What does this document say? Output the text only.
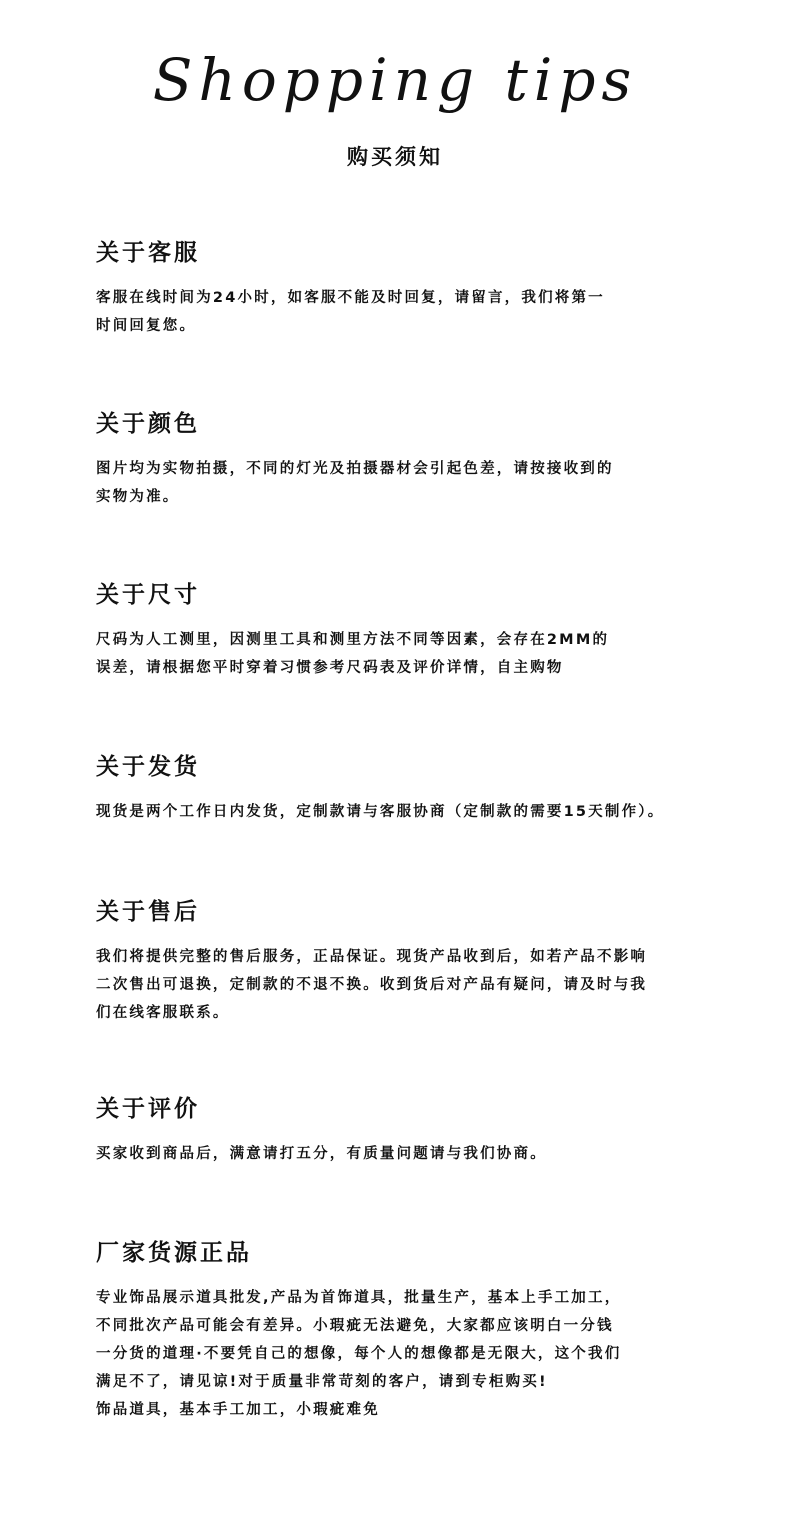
Shopping tips
购买须知
关于客服
客服在线时间为24小时，如客服不能及时回复，请留言，我们将第一
时间回复您。
关于颜色
图片均为实物拍摄，不同的灯光及拍摄器材会引起色差，请按接收到的
实物为准。
关于尺寸
尺码为人工测里，因测里工具和测里方法不同等因素，会存在2MM的
误差，请根据您平时穿着习惯参考尺码表及评价详情，自主购物
关于发货
现货是两个工作日内发货，定制款请与客服协商（定制款的需要15天制作）。
关于售后
我们将提供完整的售后服务，正品保证。现货产品收到后，如若产品不影响
二次售出可退换，定制款的不退不换。收到货后对产品有疑问，请及时与我
们在线客服联系。
关于评价
买家收到商品后，满意请打五分，有质量问题请与我们协商。
厂家货源正品
专业饰品展示道具批发,产品为首饰道具，批量生产，基本上手工加工，
不同批次产品可能会有差异。小瑕疵无法避免，大家都应该明白一分钱
一分货的道理·不要凭自己的想像，每个人的想像都是无限大，这个我们
满足不了，请见谅!对于质量非常苛刻的客户，请到专柜购买!
饰品道具，基本手工加工，小瑕疵难免
